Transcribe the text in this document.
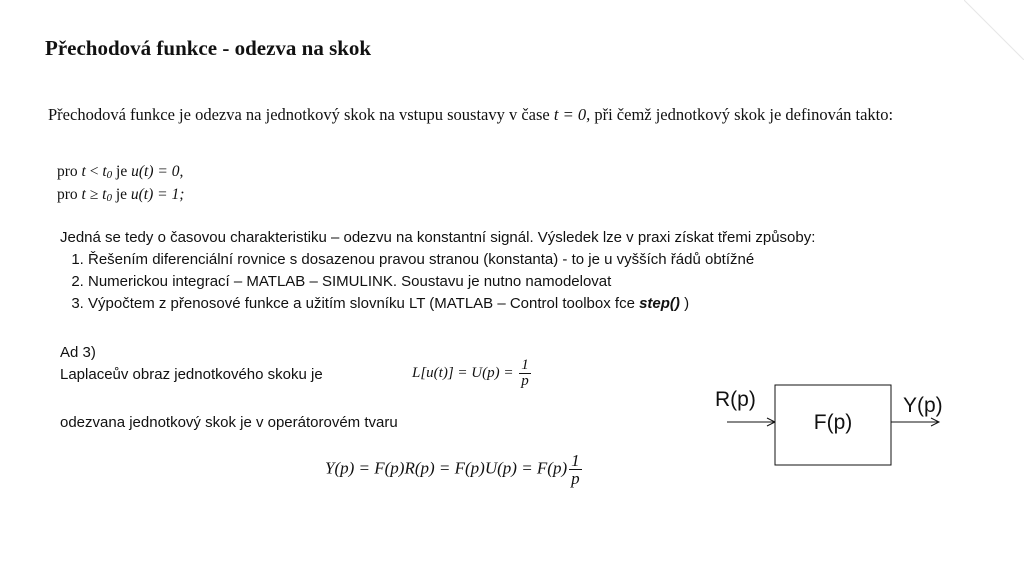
Přechodová funkce - odezva na skok
Přechodová funkce je odezva na jednotkový skok na vstupu soustavy v čase t = 0, při čemž jednotkový skok je definován takto:
pro t < t0 je u(t) = 0,
pro t ≥ t0 je u(t) = 1;
Jedná se tedy o časovou charakteristiku – odezvu na konstantní signál. Výsledek lze v praxi získat třemi způsoby:
1. Řešením diferenciální rovnice s dosazenou pravou stranou (konstanta) - to je u vyšších řádů obtížné
2. Numerickou integrací – MATLAB – SIMULINK. Soustavu je nutno namodelovat
3. Výpočtem z přenosové funkce a užitím slovníku LT (MATLAB – Control toolbox fce step() )
Ad 3)
Laplaceův obraz jednotkového skoku je	$L[u(t)] = U(p) = \frac{1}{p}$
odezvana jednotkový skok je v operátorovém tvaru
$Y(p) = F(p)R(p) = F(p)U(p) = F(p) \frac{1}{p}$
R(p)
F(p)
Y(p)
